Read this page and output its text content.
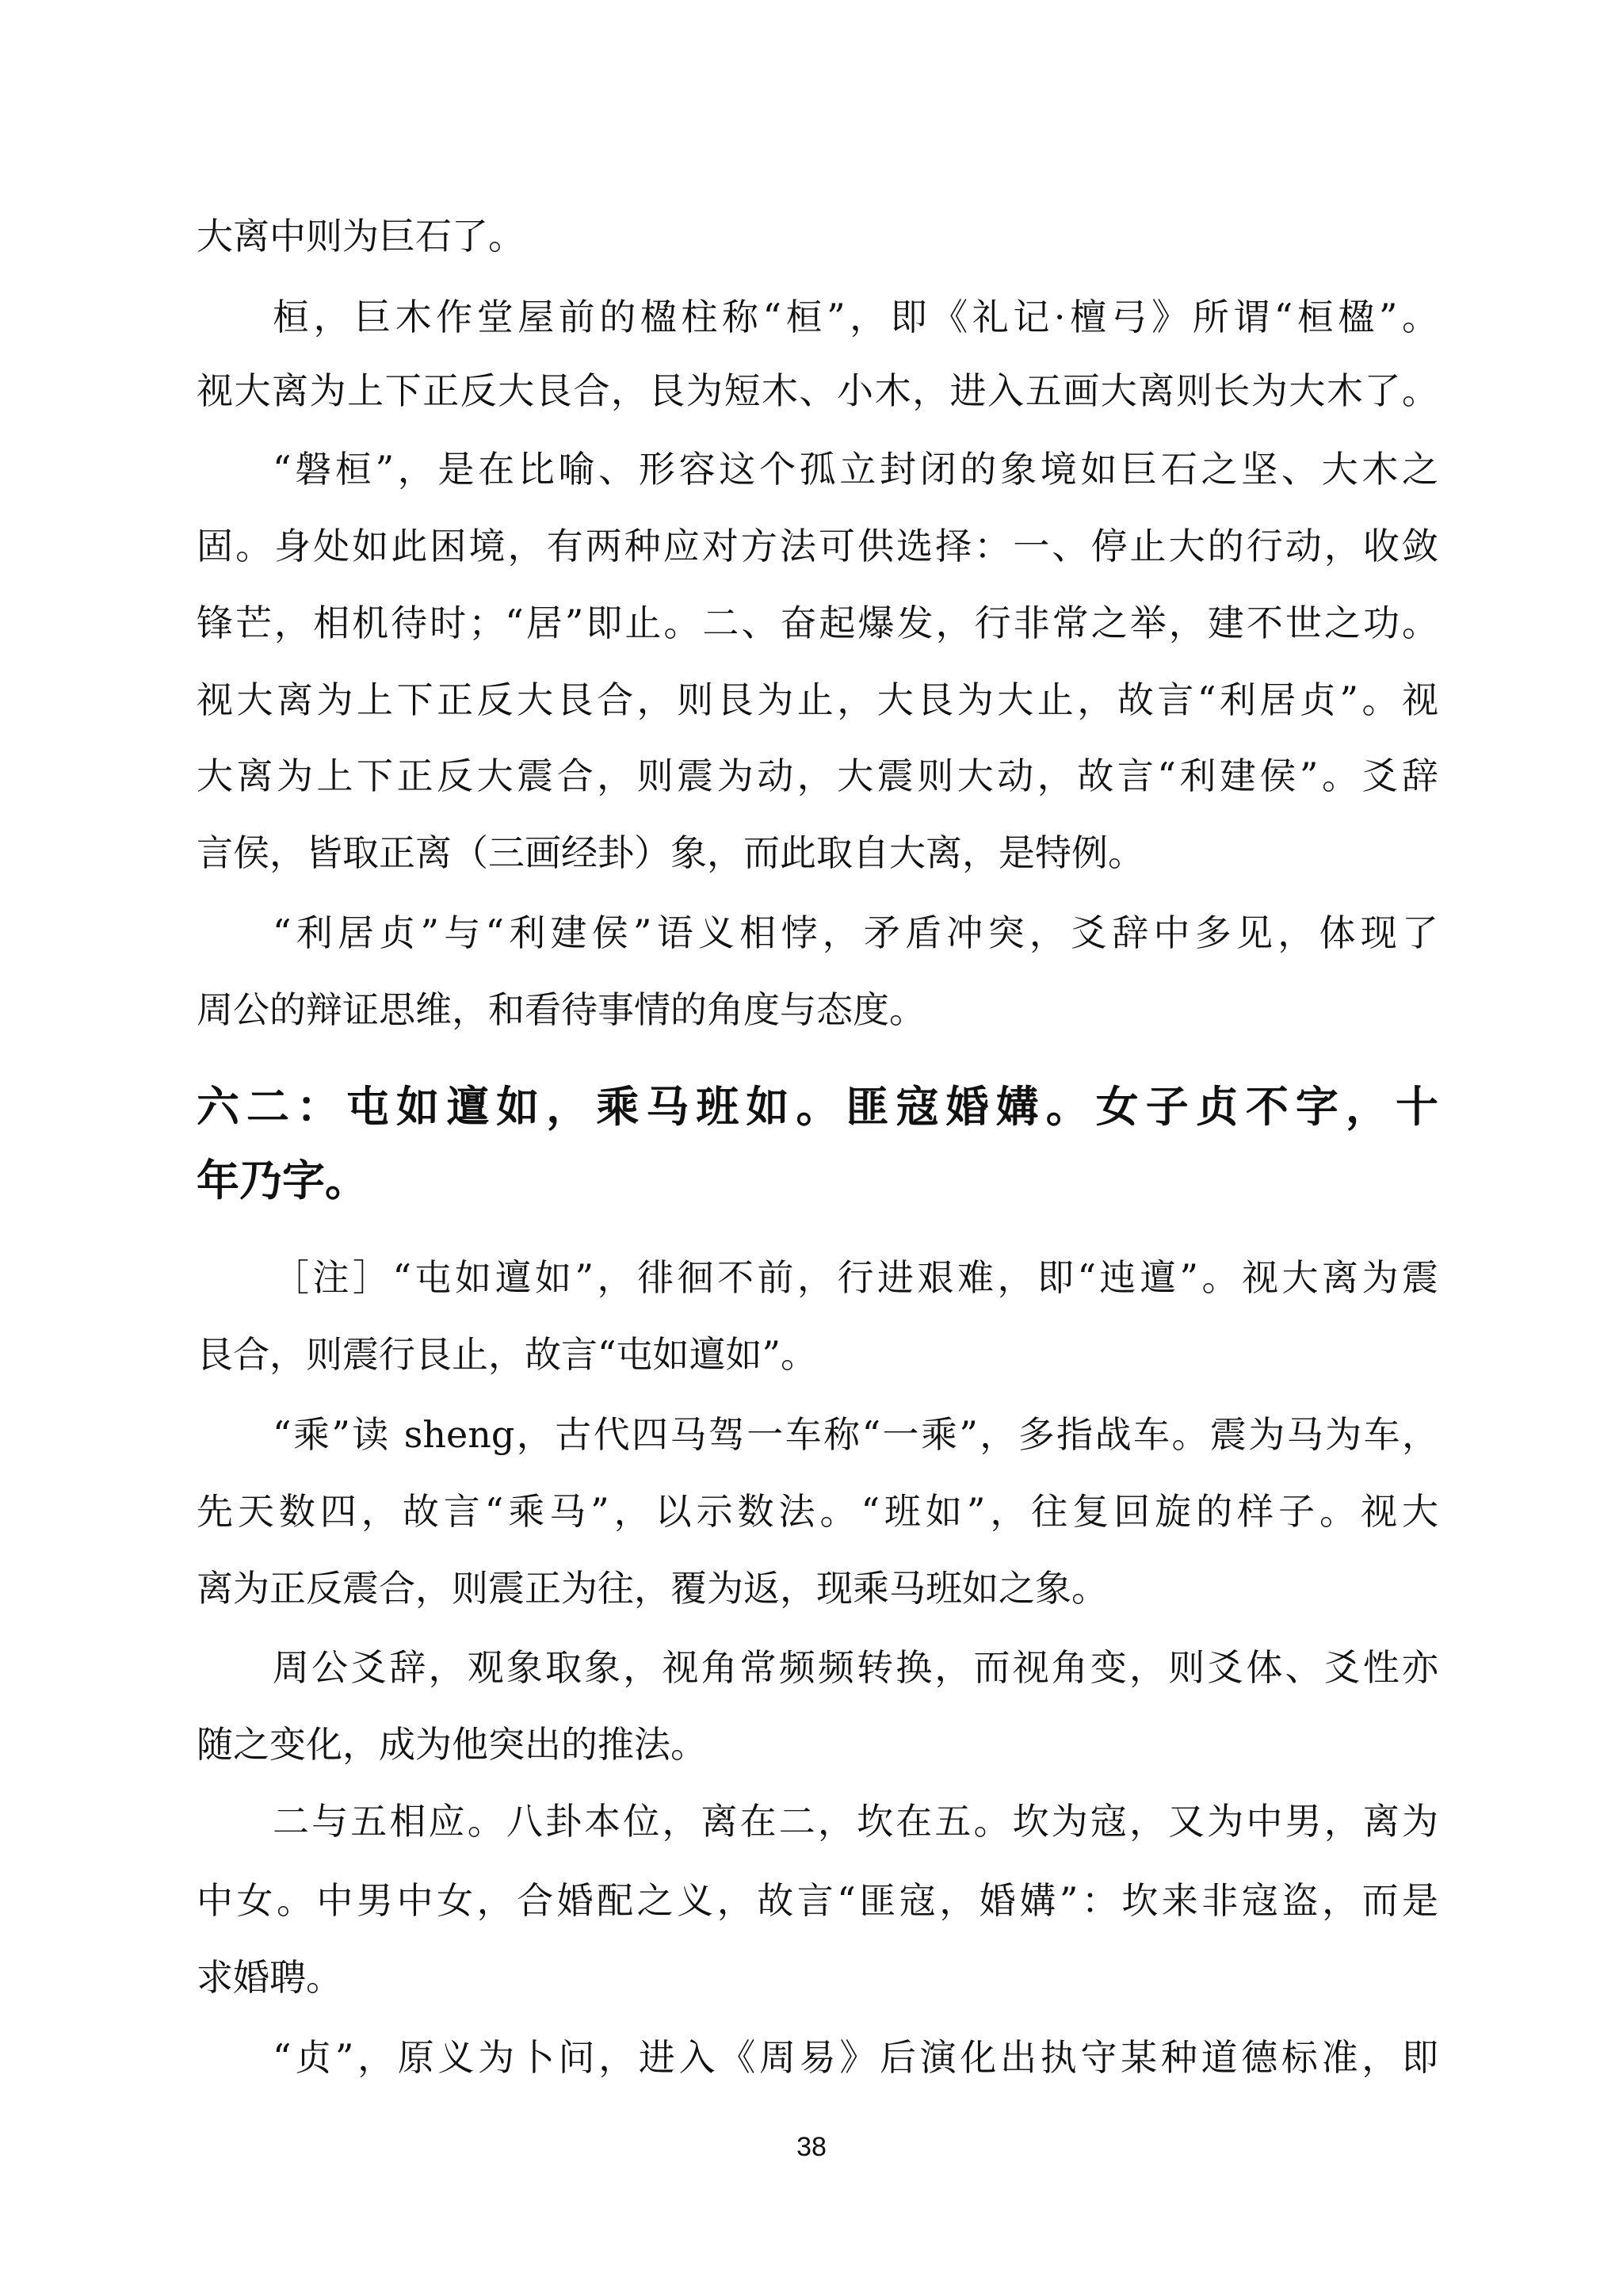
大离中则为巨石了。
桓，巨木作堂屋前的楹柱称“桓”，即《礼记·檀弓》所谓“桓楹”。
视大离为上下正反大艮合，艮为短木、小木，进入五画大离则长为大木了。
“磐桓”，是在比喻、形容这个孤立封闭的象境如巨石之坚、大木之
固。身处如此困境，有两种应对方法可供选择：一、停止大的行动，收敛
锋芒，相机待时；“居”即止。二、奋起爆发，行非常之举，建不世之功。
视大离为上下正反大艮合，则艮为止，大艮为大止，故言“利居贞”。视
大离为上下正反大震合，则震为动，大震则大动，故言“利建侯”。爻辞
言侯，皆取正离（三画经卦）象，而此取自大离，是特例。
“利居贞”与“利建侯”语义相悖，矛盾冲突，爻辞中多见，体现了
周公的辩证思维，和看待事情的角度与态度。
六二：屯如邅如，乘马班如。匪寇婚媾。女子贞不字，十
年乃字。
［注］“屯如邅如”，徘徊不前，行进艰难，即“迍邅”。视大离为震
艮合，则震行艮止，故言“屯如邅如”。
“乘”读 sheng，古代四马驾一车称“一乘”，多指战车。震为马为车，
先天数四，故言“乘马”，以示数法。“班如”，往复回旋的样子。视大
离为正反震合，则震正为往，覆为返，现乘马班如之象。
周公爻辞，观象取象，视角常频频转换，而视角变，则爻体、爻性亦
随之变化，成为他突出的推法。
二与五相应。八卦本位，离在二，坎在五。坎为寇，又为中男，离为
中女。中男中女，合婚配之义，故言“匪寇，婚媾”：坎来非寇盗，而是
求婚聘。
“贞”，原义为卜问，进入《周易》后演化出执守某种道德标准，即
38
